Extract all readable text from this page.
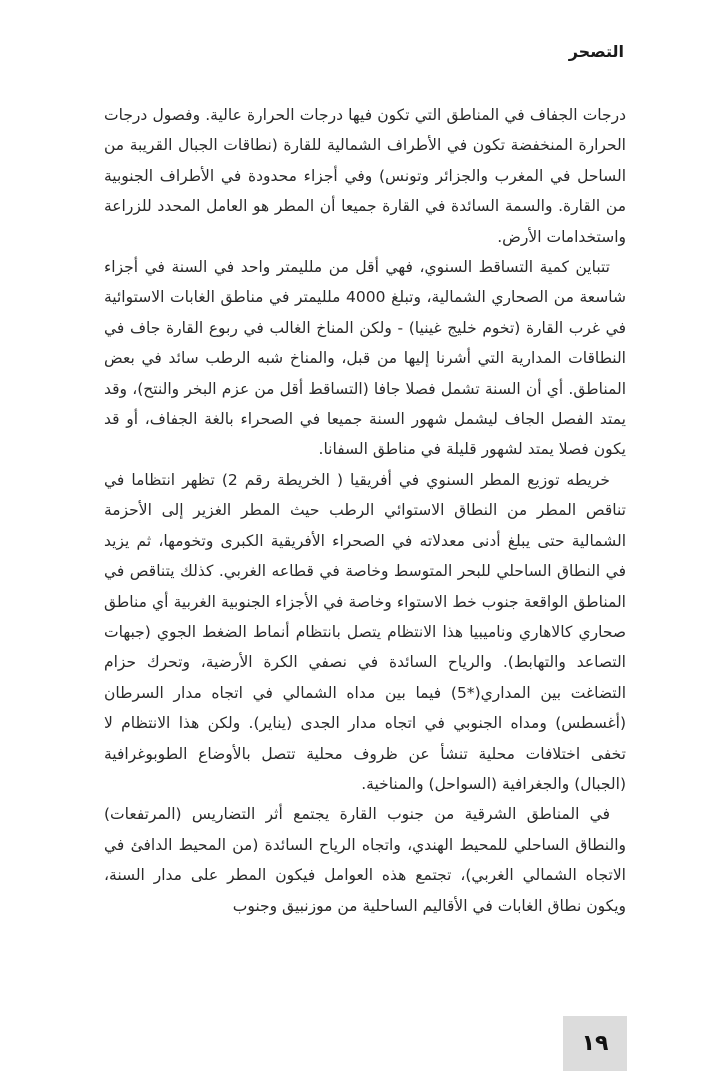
التصحر

درجات الجفاف في المناطق التي تكون فيها درجات الحرارة عالية. وفصول درجات الحرارة المنخفضة تكون في الأطراف الشمالية للقارة (نطاقات الجبال القريبة من الساحل في المغرب والجزائر وتونس) وفي أجزاء محدودة في الأطراف الجنوبية من القارة. والسمة السائدة في القارة جميعا أن المطر هو العامل المحدد للزراعة واستخدامات الأرض.

تتباين كمية التساقط السنوي، فهي أقل من ملليمتر واحد في السنة في أجزاء شاسعة من الصحاري الشمالية، وتبلغ 4000 ملليمتر في مناطق الغابات الاستوائية في غرب القارة (تخوم خليج غينيا) - ولكن المناخ الغالب في ربوع القارة جاف في النطاقات المدارية التي أشرنا إليها من قبل، والمناخ شبه الرطب سائد في بعض المناطق. أي أن السنة تشمل فصلا جافا (التساقط أقل من عزم البخر والنتح)، وقد يمتد الفصل الجاف ليشمل شهور السنة جميعا في الصحراء بالغة الجفاف، أو قد يكون فصلا يمتد لشهور قليلة في مناطق السفانا.

خريطه توزيع المطر السنوي في أفريقيا ( الخريطة رقم 2) تظهر انتظاما في تناقص المطر من النطاق الاستوائي الرطب حيث المطر الغزير إلى الأحزمة الشمالية حتى يبلغ أدنى معدلاته في الصحراء الأفريقية الكبرى وتخومها، ثم يزيد في النطاق الساحلي للبحر المتوسط وخاصة في قطاعه الغربي. كذلك يتناقص في المناطق الواقعة جنوب خط الاستواء وخاصة في الأجزاء الجنوبية الغربية أي مناطق صحاري كالاهاري وناميبيا هذا الانتظام يتصل بانتظام أنماط الضغط الجوي (جبهات التصاعد والتهابط). والرياح السائدة في نصفي الكرة الأرضية، وتحرك حزام التضاغت بين المداري(*5) فيما بين مداه الشمالي في اتجاه مدار السرطان (أغسطس) ومداه الجنوبي في اتجاه مدار الجدى (يناير). ولكن هذا الانتظام لا تخفى اختلافات محلية تنشأ عن ظروف محلية تتصل بالأوضاع الطوبوغرافية (الجبال) والجغرافية (السواحل) والمناخية.

في المناطق الشرقية من جنوب القارة يجتمع أثر التضاريس (المرتفعات) والنطاق الساحلي للمحيط الهندي، واتجاه الرياح السائدة (من المحيط الدافئ في الاتجاه الشمالي الغربي)، تجتمع هذه العوامل فيكون المطر على مدار السنة، ويكون نطاق الغابات في الأقاليم الساحلية من موزنبيق وجنوب

١٩
